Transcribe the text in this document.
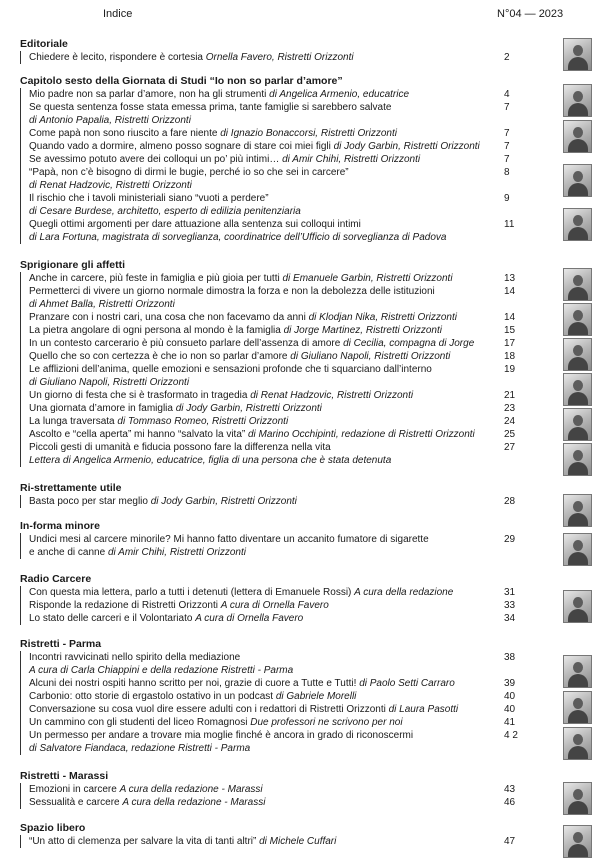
Indice	N°04 — 2023
Editoriale
Chiedere è lecito, rispondere è cortesia Ornella Favero, Ristretti Orizzonti	2
Capitolo sesto della Giornata di Studi “Io non so parlar d’amore”
Mio padre non sa parlar d’amore, non ha gli strumenti di Angelica Armenio, educatrice	4
Se questa sentenza fosse stata emessa prima, tante famiglie si sarebbero salvate
di Antonio Papalia, Ristretti Orizzonti
7
Come papà non sono riuscito a fare niente di Ignazio Bonaccorsi, Ristretti Orizzonti	7
Quando vado a dormire, almeno posso sognare di stare coi miei figli di Jody Garbin, Ristretti Orizzonti 7
Se avessimo potuto avere dei colloqui un po’ più intimi… di Amir Chihi, Ristretti Orizzonti	7
“Papà, non c’è bisogno di dirmi le bugie, perché io so che sei in carcere”
di Renat Hadzovic, Ristretti Orizzonti
8
Il rischio che i tavoli ministeriali siano “vuoti a perdere”
di Cesare Burdese, architetto, esperto di edilizia penitenziaria
9
Quegli ottimi argomenti per dare attuazione alla sentenza sui colloqui intimi
di Lara Fortuna, magistrata di sorveglianza, coordinatrice dell’Ufficio di sorveglianza di Padova
11
Sprigionare gli affetti
Anche in carcere, più feste in famiglia e più gioia per tutti di Emanuele Garbin, Ristretti Orizzonti	13
Permetterci di vivere un giorno normale dimostra la forza e non la debolezza delle istituzioni
di Ahmet Balla, Ristretti Orizzonti
14
Pranzare con i nostri cari, una cosa che non facevamo da anni di Klodjan Nika, Ristretti Orizzonti	14
La pietra angolare di ogni persona al mondo è la famiglia di Jorge Martinez, Ristretti Orizzonti	15
In un contesto carcerario è più consueto parlare dell’assenza di amore di Cecilia, compagna di Jorge	17
Quello che so con certezza è che io non so parlar d’amore di Giuliano Napoli, Ristretti Orizzonti	18
Le afflizioni dell’anima, quelle emozioni e sensazioni profonde che ti squarciano dall’interno
di Giuliano Napoli, Ristretti Orizzonti
19
Un giorno di festa che si è trasformato in tragedia di Renat Hadzovic, Ristretti Orizzonti	21
Una giornata d’amore in famiglia di Jody Garbin, Ristretti Orizzonti	23
La lunga traversata di Tommaso Romeo, Ristretti Orizzonti	24
Ascolto e “cella aperta” mi hanno “salvato la vita” di Marino Occhipinti, redazione di Ristretti Orizzonti	25
Piccoli gesti di umanità e fiducia possono fare la differenza nella vita
Lettera di Angelica Armenio, educatrice, figlia di una persona che è stata detenuta
27
Ri-strettamente utile
Basta poco per star meglio di Jody Garbin, Ristretti Orizzonti	28
In-forma minore
Undici mesi al carcere minorile? Mi hanno fatto diventare un accanito fumatore di sigarette
e anche di canne di Amir Chihi, Ristretti Orizzonti
29
Radio Carcere
Con questa mia lettera, parlo a tutti i detenuti (lettera di Emanuele Rossi) A cura della redazione	31
Risponde la redazione di Ristretti Orizzonti A cura di Ornella Favero	33
Lo stato delle carceri e il Volontariato A cura di Ornella Favero	34
Ristretti - Parma
Incontri ravvicinati nello spirito della mediazione
A cura di Carla Chiappini e della redazione Ristretti - Parma
38
Alcuni dei nostri ospiti hanno scritto per noi, grazie di cuore a Tutte e Tutti! di Paolo Setti Carraro	39
Carbonio: otto storie di ergastolo ostativo in un podcast di Gabriele Morelli	40
Conversazione su cosa vuol dire essere adulti con i redattori di Ristretti Orizzonti di Laura Pasotti	40
Un cammino con gli studenti del liceo Romagnosi Due professori ne scrivono per noi	41
Un permesso per andare a trovare mia moglie finché è ancora in grado di riconoscermi
di Salvatore Fiandaca, redazione Ristretti - Parma
4 2
Ristretti - Marassi
Emozioni in carcere A cura della redazione - Marassi	43
Sessualità e carcere A cura della redazione - Marassi	46
Spazio libero
“Un atto di clemenza per salvare la vita di tanti altri” di Michele Cuffari	47
